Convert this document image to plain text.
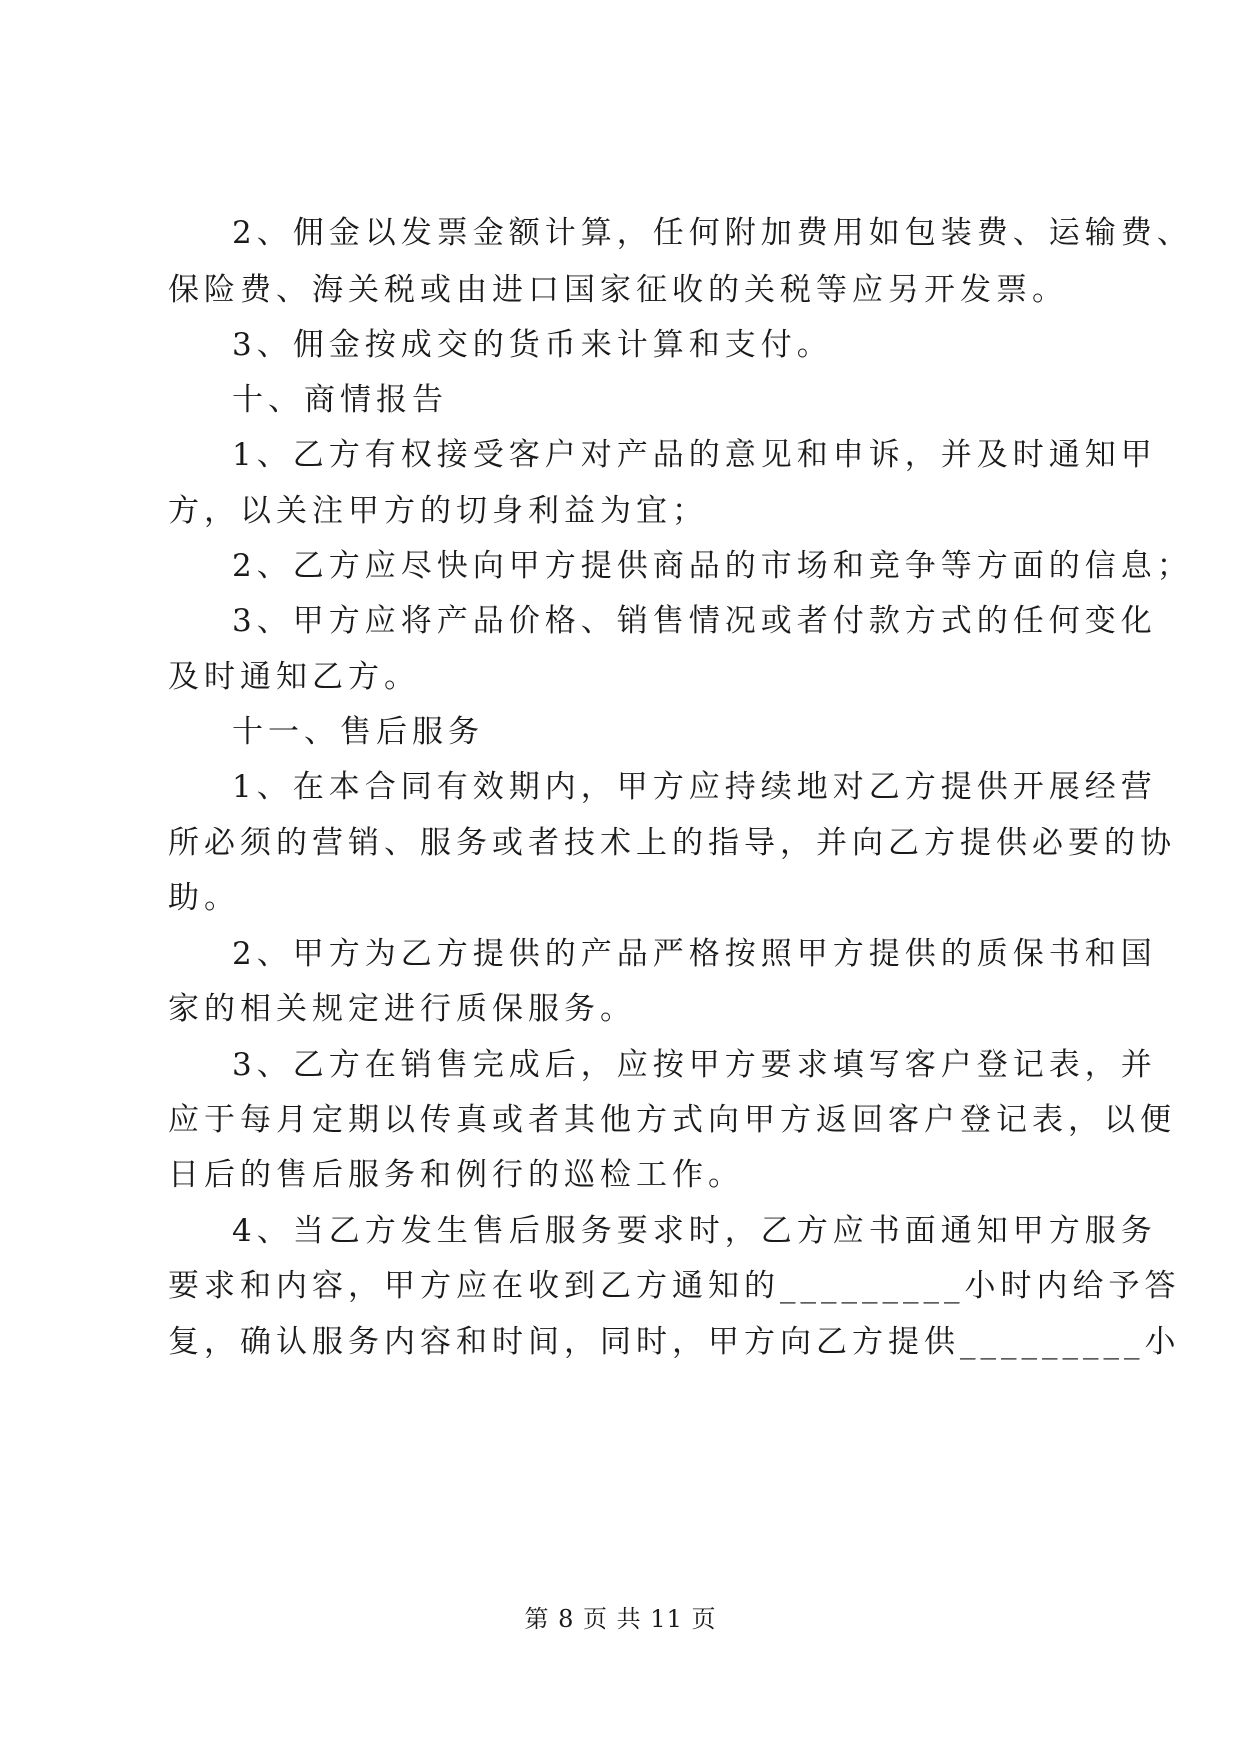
2、佣金以发票金额计算，任何附加费用如包装费、运输费、
保险费、海关税或由进口国家征收的关税等应另开发票。
3、佣金按成交的货币来计算和支付。
十、商情报告
1、乙方有权接受客户对产品的意见和申诉，并及时通知甲
方，以关注甲方的切身利益为宜；
2、乙方应尽快向甲方提供商品的市场和竞争等方面的信息；
3、甲方应将产品价格、销售情况或者付款方式的任何变化
及时通知乙方。
十一、售后服务
1、在本合同有效期内，甲方应持续地对乙方提供开展经营
所必须的营销、服务或者技术上的指导，并向乙方提供必要的协
助。
2、甲方为乙方提供的产品严格按照甲方提供的质保书和国
家的相关规定进行质保服务。
3、乙方在销售完成后，应按甲方要求填写客户登记表，并
应于每月定期以传真或者其他方式向甲方返回客户登记表，以便
日后的售后服务和例行的巡检工作。
4、当乙方发生售后服务要求时，乙方应书面通知甲方服务
要求和内容，甲方应在收到乙方通知的_________小时内给予答
复，确认服务内容和时间，同时，甲方向乙方提供_________小
第 8 页 共 11 页
